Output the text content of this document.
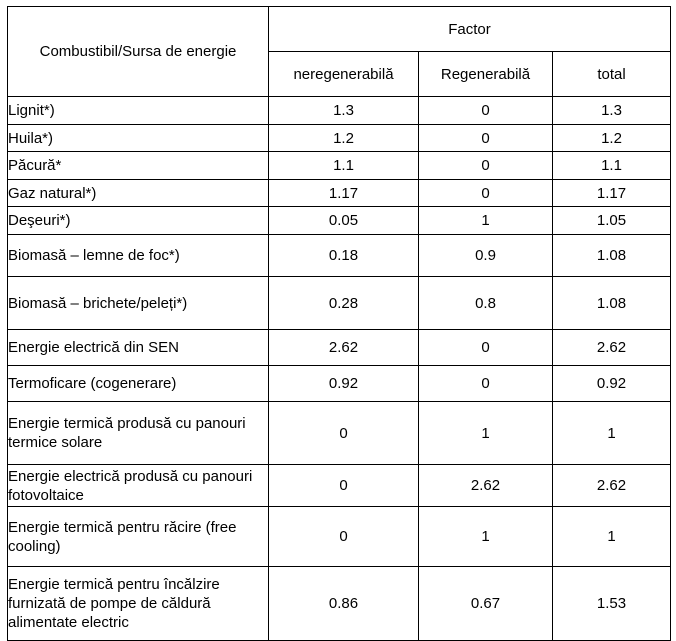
Combustibil/Sursa de energie	Factor		
	neregenerabilă	Regenerabilă	total
Lignit*)	1.3	0	1.3
Huila*)	1.2	0	1.2
Păcură*	1.1	0	1.1
Gaz natural*)	1.17	0	1.17
Deşeuri*)	0.05	1	1.05
Biomasă – lemne de foc*)	0.18	0.9	1.08
Biomasă – brichete/peleți*)	0.28	0.8	1.08
Energie electrică din SEN	2.62	0	2.62
Termoficare (cogenerare)	0.92	0	0.92
Energie termică produsă cu panouri termice solare	0	1	1
Energie electrică produsă cu panouri fotovoltaice	0	2.62	2.62
Energie termică pentru răcire (free cooling)	0	1	1
Energie termică pentru încălzire furnizată de pompe de căldură alimentate electric	0.86	0.67	1.53
